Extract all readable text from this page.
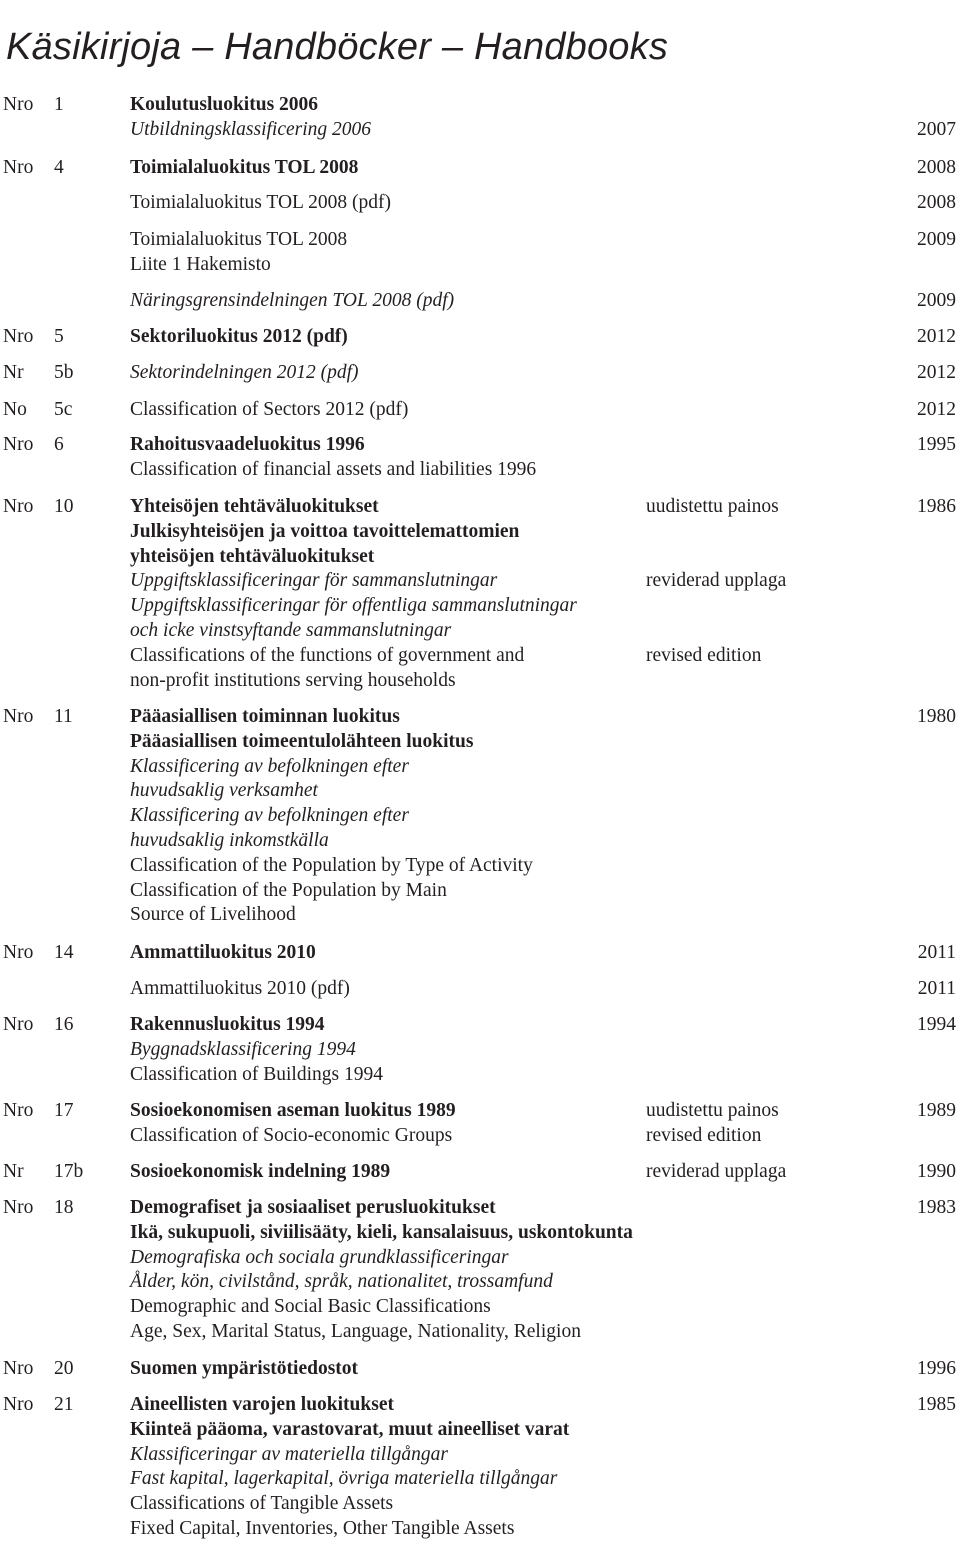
Käsikirjoja – Handböcker – Handbooks
Nro 1	Koulutusluokitus 2006
Utbildningsklassificering 2006	2007
Nro 4	Toimialaluokitus TOL 2008	2008
Toimialaluokitus TOL 2008 (pdf)	2008
Toimialaluokitus TOL 2008	2009
Liite 1 Hakemisto
Näringsgrensindelningen TOL 2008 (pdf)	2009
Nro 5	Sektoriluokitus 2012 (pdf)	2012
Nr 5b	Sektorindelningen 2012 (pdf)	2012
No 5c	Classification of Sectors 2012 (pdf)	2012
Nro 6	Rahoitusvaadeluokitus 1996	1995
Classification of financial assets and liabilities 1996
Nro 10	Yhteisöjen tehtäväluokitukset	uudistettu painos	1986
Julkisyhteisöjen ja voittoa tavoittelemattomien
yhteisöjen tehtäväluokitukset
Uppgiftsklassificeringar för sammanslutningar	reviderad upplaga
Uppgiftsklassificeringar för offentliga sammanslutningar
och icke vinstsyftande sammanslutningar
Classifications of the functions of government and	revised edition
non-profit institutions serving households
Nro 11	Pääasiallisen toiminnan luokitus	1980
Pääasiallisen toimeentulolähteen luokitus
Klassificering av befolkningen efter
huvudsaklig verksamhet
Klassificering av befolkningen efter
huvudsaklig inkomstkälla
Classification of the Population by Type of Activity
Classification of the Population by Main
Source of Livelihood
Nro 14	Ammattiluokitus 2010	2011
Ammattiluokitus 2010 (pdf)	2011
Nro 16	Rakennusluokitus 1994	1994
Byggnadsklassificering 1994
Classification of Buildings 1994
Nro 17	Sosioekonomisen aseman luokitus 1989	uudistettu painos	1989
Classification of Socio-economic Groups	revised edition
Nr 17b Sosioekonomisk indelning 1989	reviderad upplaga	1990
Nro 18	Demografiset ja sosiaaliset perusluokitukset	1983
Ikä, sukupuoli, siviilisääty, kieli, kansalaisuus, uskontokunta
Demografiska och sociala grundklassificeringar
Ålder, kön, civilstånd, språk, nationalitet, trossamfund
Demographic and Social Basic Classifications
Age, Sex, Marital Status, Language, Nationality, Religion
Nro 20	Suomen ympäristötiedostot	1996
Nro 21	Aineellisten varojen luokitukset	1985
Kiinteä pääoma, varastovarat, muut aineelliset varat
Klassificeringar av materiella tillgångar
Fast kapital, lagerkapital, övriga materiella tillgångar
Classifications of Tangible Assets
Fixed Capital, Inventories, Other Tangible Assets
